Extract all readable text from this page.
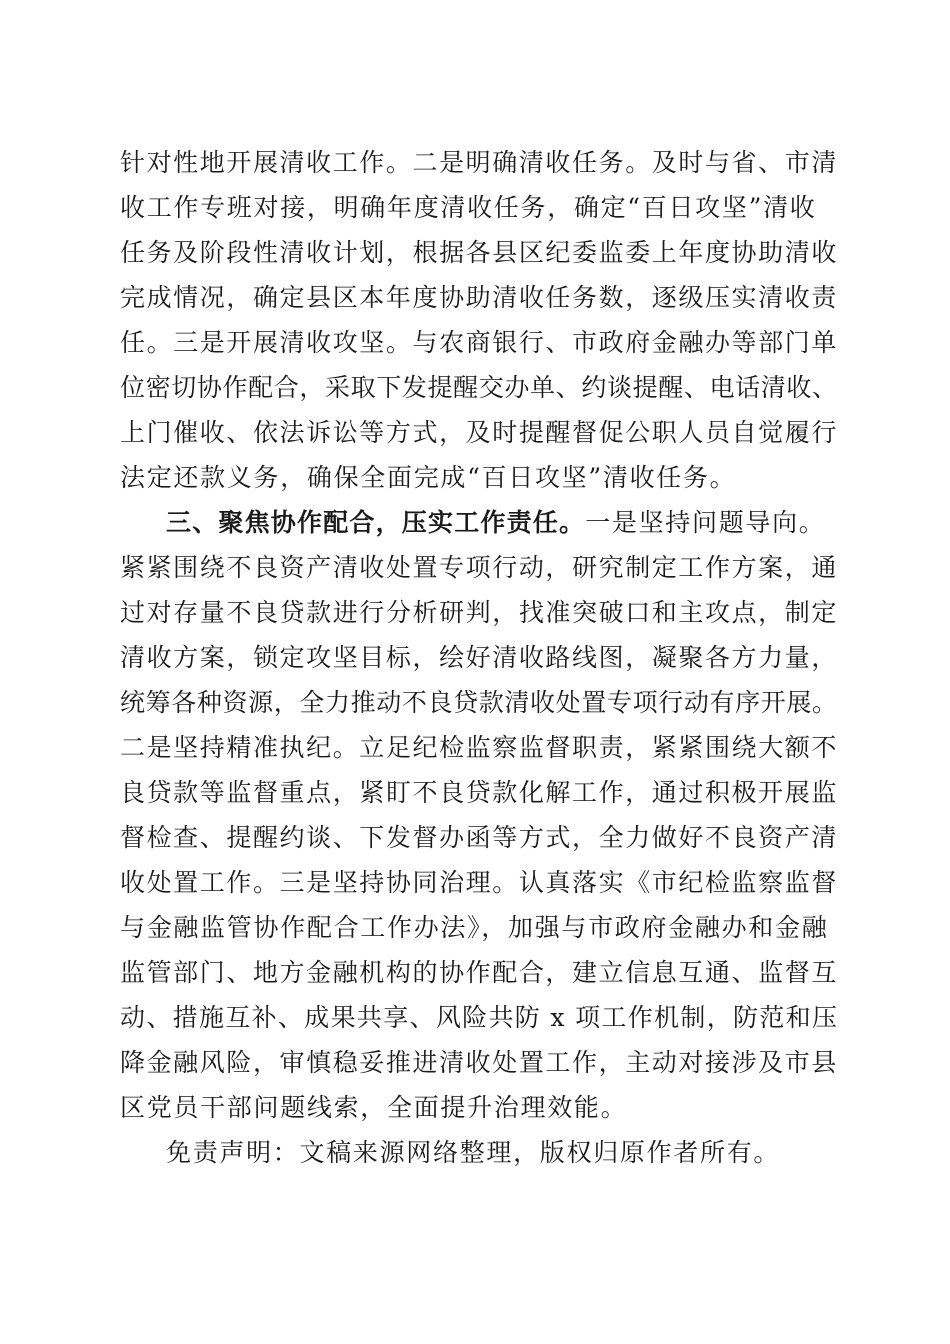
针对性地开展清收工作。二是明确清收任务。及时与省、市清
收工作专班对接，明确年度清收任务，确定“百日攻坚”清收
任务及阶段性清收计划，根据各县区纪委监委上年度协助清收
完成情况，确定县区本年度协助清收任务数，逐级压实清收责
任。三是开展清收攻坚。与农商银行、市政府金融办等部门单
位密切协作配合，采取下发提醒交办单、约谈提醒、电话清收、
上门催收、依法诉讼等方式，及时提醒督促公职人员自觉履行
法定还款义务，确保全面完成“百日攻坚”清收任务。
三、聚焦协作配合，压实工作责任。一是坚持问题导向。
紧紧围绕不良资产清收处置专项行动，研究制定工作方案，通
过对存量不良贷款进行分析研判，找准突破口和主攻点，制定
清收方案，锁定攻坚目标，绘好清收路线图，凝聚各方力量，
统筹各种资源，全力推动不良贷款清收处置专项行动有序开展。
二是坚持精准执纪。立足纪检监察监督职责，紧紧围绕大额不
良贷款等监督重点，紧盯不良贷款化解工作，通过积极开展监
督检查、提醒约谈、下发督办函等方式，全力做好不良资产清
收处置工作。三是坚持协同治理。认真落实《市纪检监察监督
与金融监管协作配合工作办法》，加强与市政府金融办和金融
监管部门、地方金融机构的协作配合，建立信息互通、监督互
动、措施互补、成果共享、风险共防 x 项工作机制，防范和压
降金融风险，审慎稳妥推进清收处置工作，主动对接涉及市县
区党员干部问题线索，全面提升治理效能。
免责声明：文稿来源网络整理，版权归原作者所有。
